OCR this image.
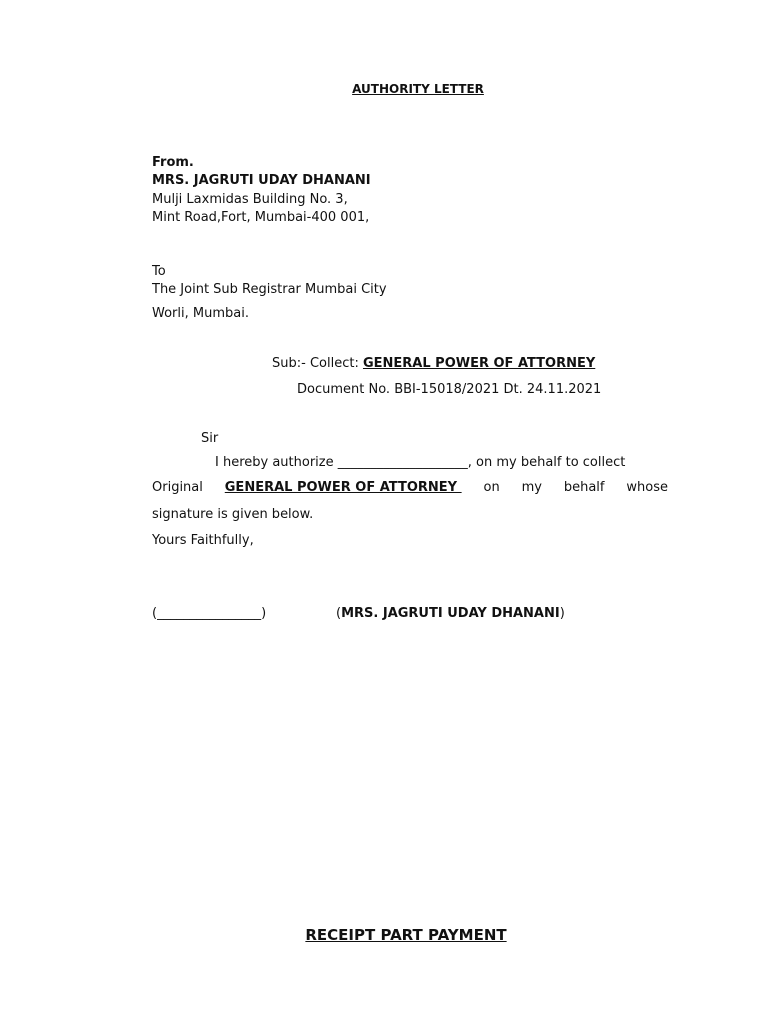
AUTHORITY LETTER
From.
MRS. JAGRUTI UDAY DHANANI
Mulji Laxmidas Building No. 3,
Mint Road,Fort, Mumbai-400 001,
To
The Joint Sub Registrar Mumbai City
Worli, Mumbai.
Sub:- Collect: GENERAL POWER OF ATTORNEY
Document No. BBI-15018/2021 Dt. 24.11.2021
Sir
I hereby authorize ____________________, on my behalf to collect
Original GENERAL POWER OF ATTORNEY on my behalf whose
signature is given below.
Yours Faithfully,
(________________)	(MRS. JAGRUTI UDAY DHANANI)
RECEIPT PART PAYMENT
